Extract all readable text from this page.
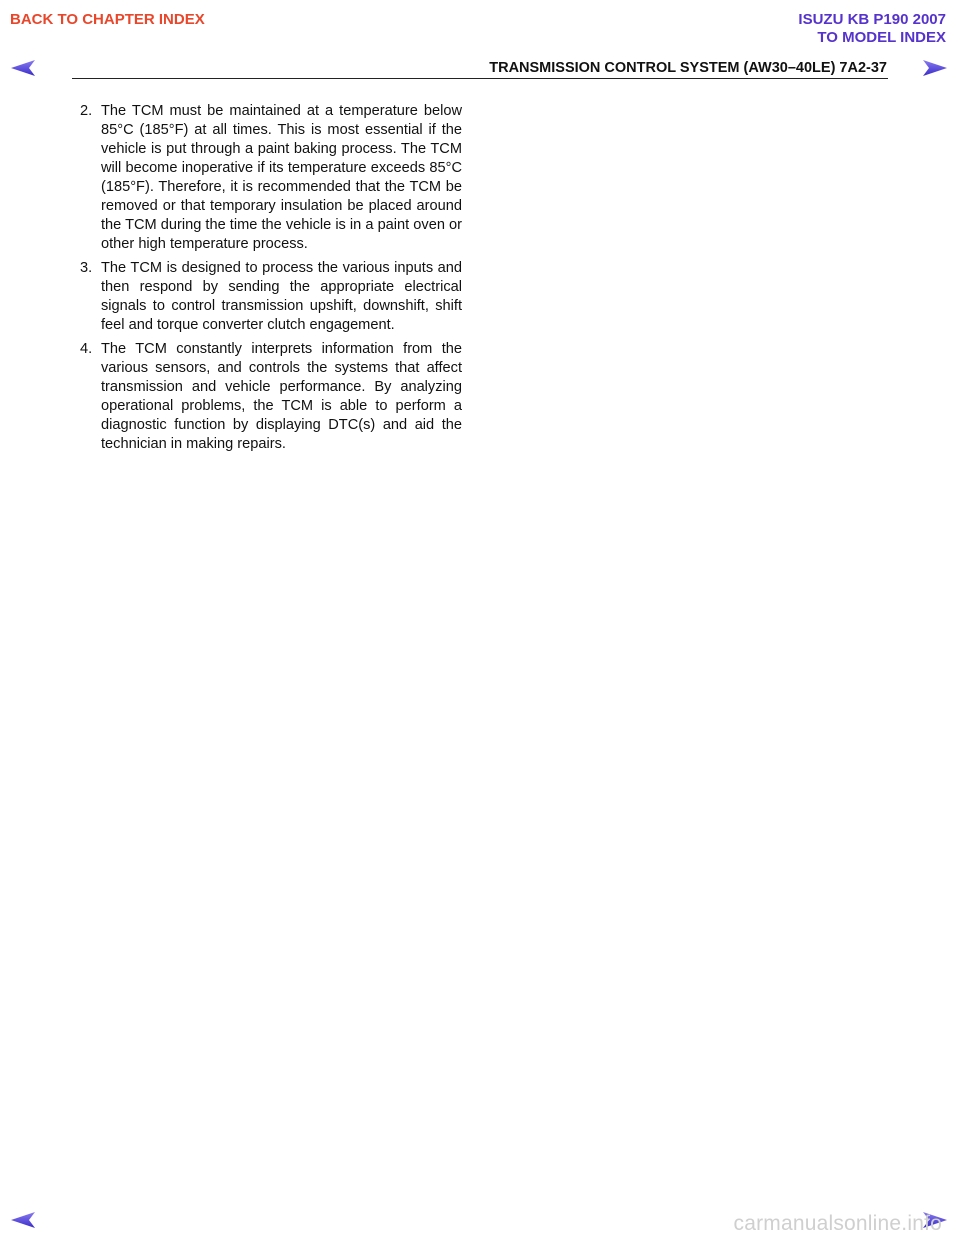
BACK TO CHAPTER INDEX	ISUZU KB P190 2007
TO MODEL INDEX
TRANSMISSION CONTROL SYSTEM (AW30–40LE) 7A2-37
2. The TCM must be maintained at a temperature below 85°C (185°F) at all times. This is most essential if the vehicle is put through a paint baking process. The TCM will become inoperative if its temperature exceeds 85°C (185°F). Therefore, it is recommended that the TCM be removed or that temporary insulation be placed around the TCM during the time the vehicle is in a paint oven or other high temperature process.
3. The TCM is designed to process the various inputs and then respond by sending the appropriate electrical signals to control transmission upshift, downshift, shift feel and torque converter clutch engagement.
4. The TCM constantly interprets information from the various sensors, and controls the systems that affect transmission and vehicle performance. By analyzing operational problems, the TCM is able to perform a diagnostic function by displaying DTC(s) and aid the technician in making repairs.
carmanualsonline.info
